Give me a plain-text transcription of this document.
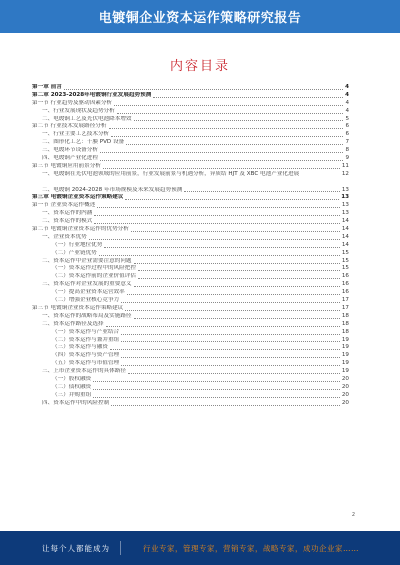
电镀铜企业资本运作策略研究报告
内容目录
第一章 前言	4
第二章 2023-2028年电镀铜行业发展趋势预测	4
第一节 行业趋势及驱动因素分析	4
一、行业发展现状及趋势分析	4
二、电镀铜工艺及光伏电池降本增效	5
第二节 行业技术发展路径分析	6
一、行业主要工艺技术分析	6
二、图形化工艺：干膜 PVD 设备	7
三、电镀环节设备分析	8
四、电镀铜产业化进程	9
第三节 电镀铜应用前景分析	11
一、电镀铜在光伏电池领域的应用前景，行业发展前景与机遇分析，异质结 HJT 及 XBC 电池产业化进展	12
二、电镀铜 2024-2028 年市场规模及未来发展趋势预测	13
第三章 电镀铜企业资本运作策略建议	13
第一节 企业资本运作概述	13
一、资本运作的内涵	13
二、资本运作的模式	14
第二节 电镀铜企业资本运作的优势分析	14
一、企业资本优势	14
（一）行业地位优势	14
（二）产业链优势	15
二、资本运作中企业需要注意的问题	15
（一）资本运作过程中的风险把控	15
（二）资本运作前的企业价值评估	16
三、资本运作对企业发展的重要意义	16
（一）提高企业资本运营效率	16
（二）增强企业核心竞争力	17
第三节 电镀铜企业资本运作策略建议	17
一、资本运作的战略布局及实施路径	18
二、资本运作路径及选择	18
（一）资本运作与产业结合	18
（二）资本运作与兼并重组	19
（三）资本运作与融资	19
（四）资本运作与资产管理	19
（五）资本运作与市值管理	19
三、上市企业资本运作的具体路径	19
（一）股权融资	20
（二）债权融资	20
（三）并购重组	20
四、资本运作中的风险控制	20
2
让每个人都能成为	行业专家，管理专家，营销专家，战略专家，成功企业家……
